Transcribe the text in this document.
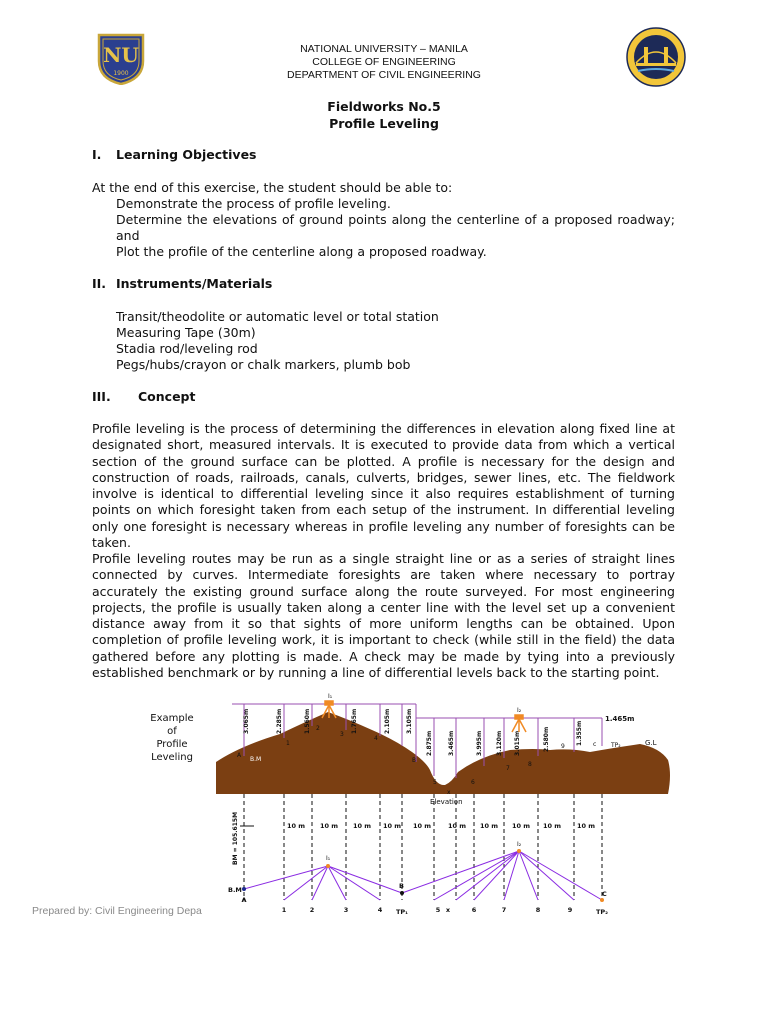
NU
1900
NATIONAL UNIVERSITY – MANILA
COLLEGE OF ENGINEERING
DEPARTMENT OF CIVIL ENGINEERING
Fieldworks No.5
Profile Leveling
I. Learning Objectives
At the end of this exercise, the student should be able to:
Demonstrate the process of profile leveling.
Determine the elevations of ground points along the centerline of a proposed roadway;
and
Plot the profile of the centerline along a proposed roadway.
II. Instruments/Materials
Transit/theodolite or automatic level or total station
Measuring Tape (30m)
Stadia rod/leveling rod
Pegs/hubs/crayon or chalk markers, plumb bob
III. Concept
Profile leveling is the process of determining the differences in elevation along fixed line at designated short, measured intervals. It is executed to provide data from which a vertical section of the ground surface can be plotted. A profile is necessary for the design and construction of roads, railroads, canals, culverts, bridges, sewer lines, etc. The fieldwork involve is identical to differential leveling since it also requires establishment of turning points on which foresight taken from each setup of the instrument. In differential leveling only one foresight is necessary whereas in profile leveling any number of foresights can be taken.
Profile leveling routes may be run as a single straight line or as a series of straight lines connected by curves. Intermediate foresights are taken where necessary to portray accurately the existing ground surface along the route surveyed. For most engineering projects, the profile is usually taken along a center line with the level set up a convenient distance away from it so that sights of more uniform lengths can be obtained. Upon completion of profile leveling work, it is important to check (while still in the field) the data gathered before any plotting is made. A check may be made by tying into a previously established benchmark or by running a line of differential levels back to the starting point.
Example
of
Profile
Leveling	B.M
G.L
3.065m	2.285m	1.560m	1.765m	2.105m	3.105m
2.875m	3.465m	3.995m 3.120m 3.015m	2.580m	1.355m
1.465m
I₁
I₂
A
1
2
3
4
B
5
x
6
7
8
9	c TP₂
Elevation
BM = 105.615M	10 m 10 m 10 m 10 m 10 m	10 m 10 m 10 m 10 m 10 m
I₁
I₂
B.M	B
C
A
1	2	3	4 TP₁	5 x	6	7	8	9	TP₂
Prepared by: Civil Engineering Depa
